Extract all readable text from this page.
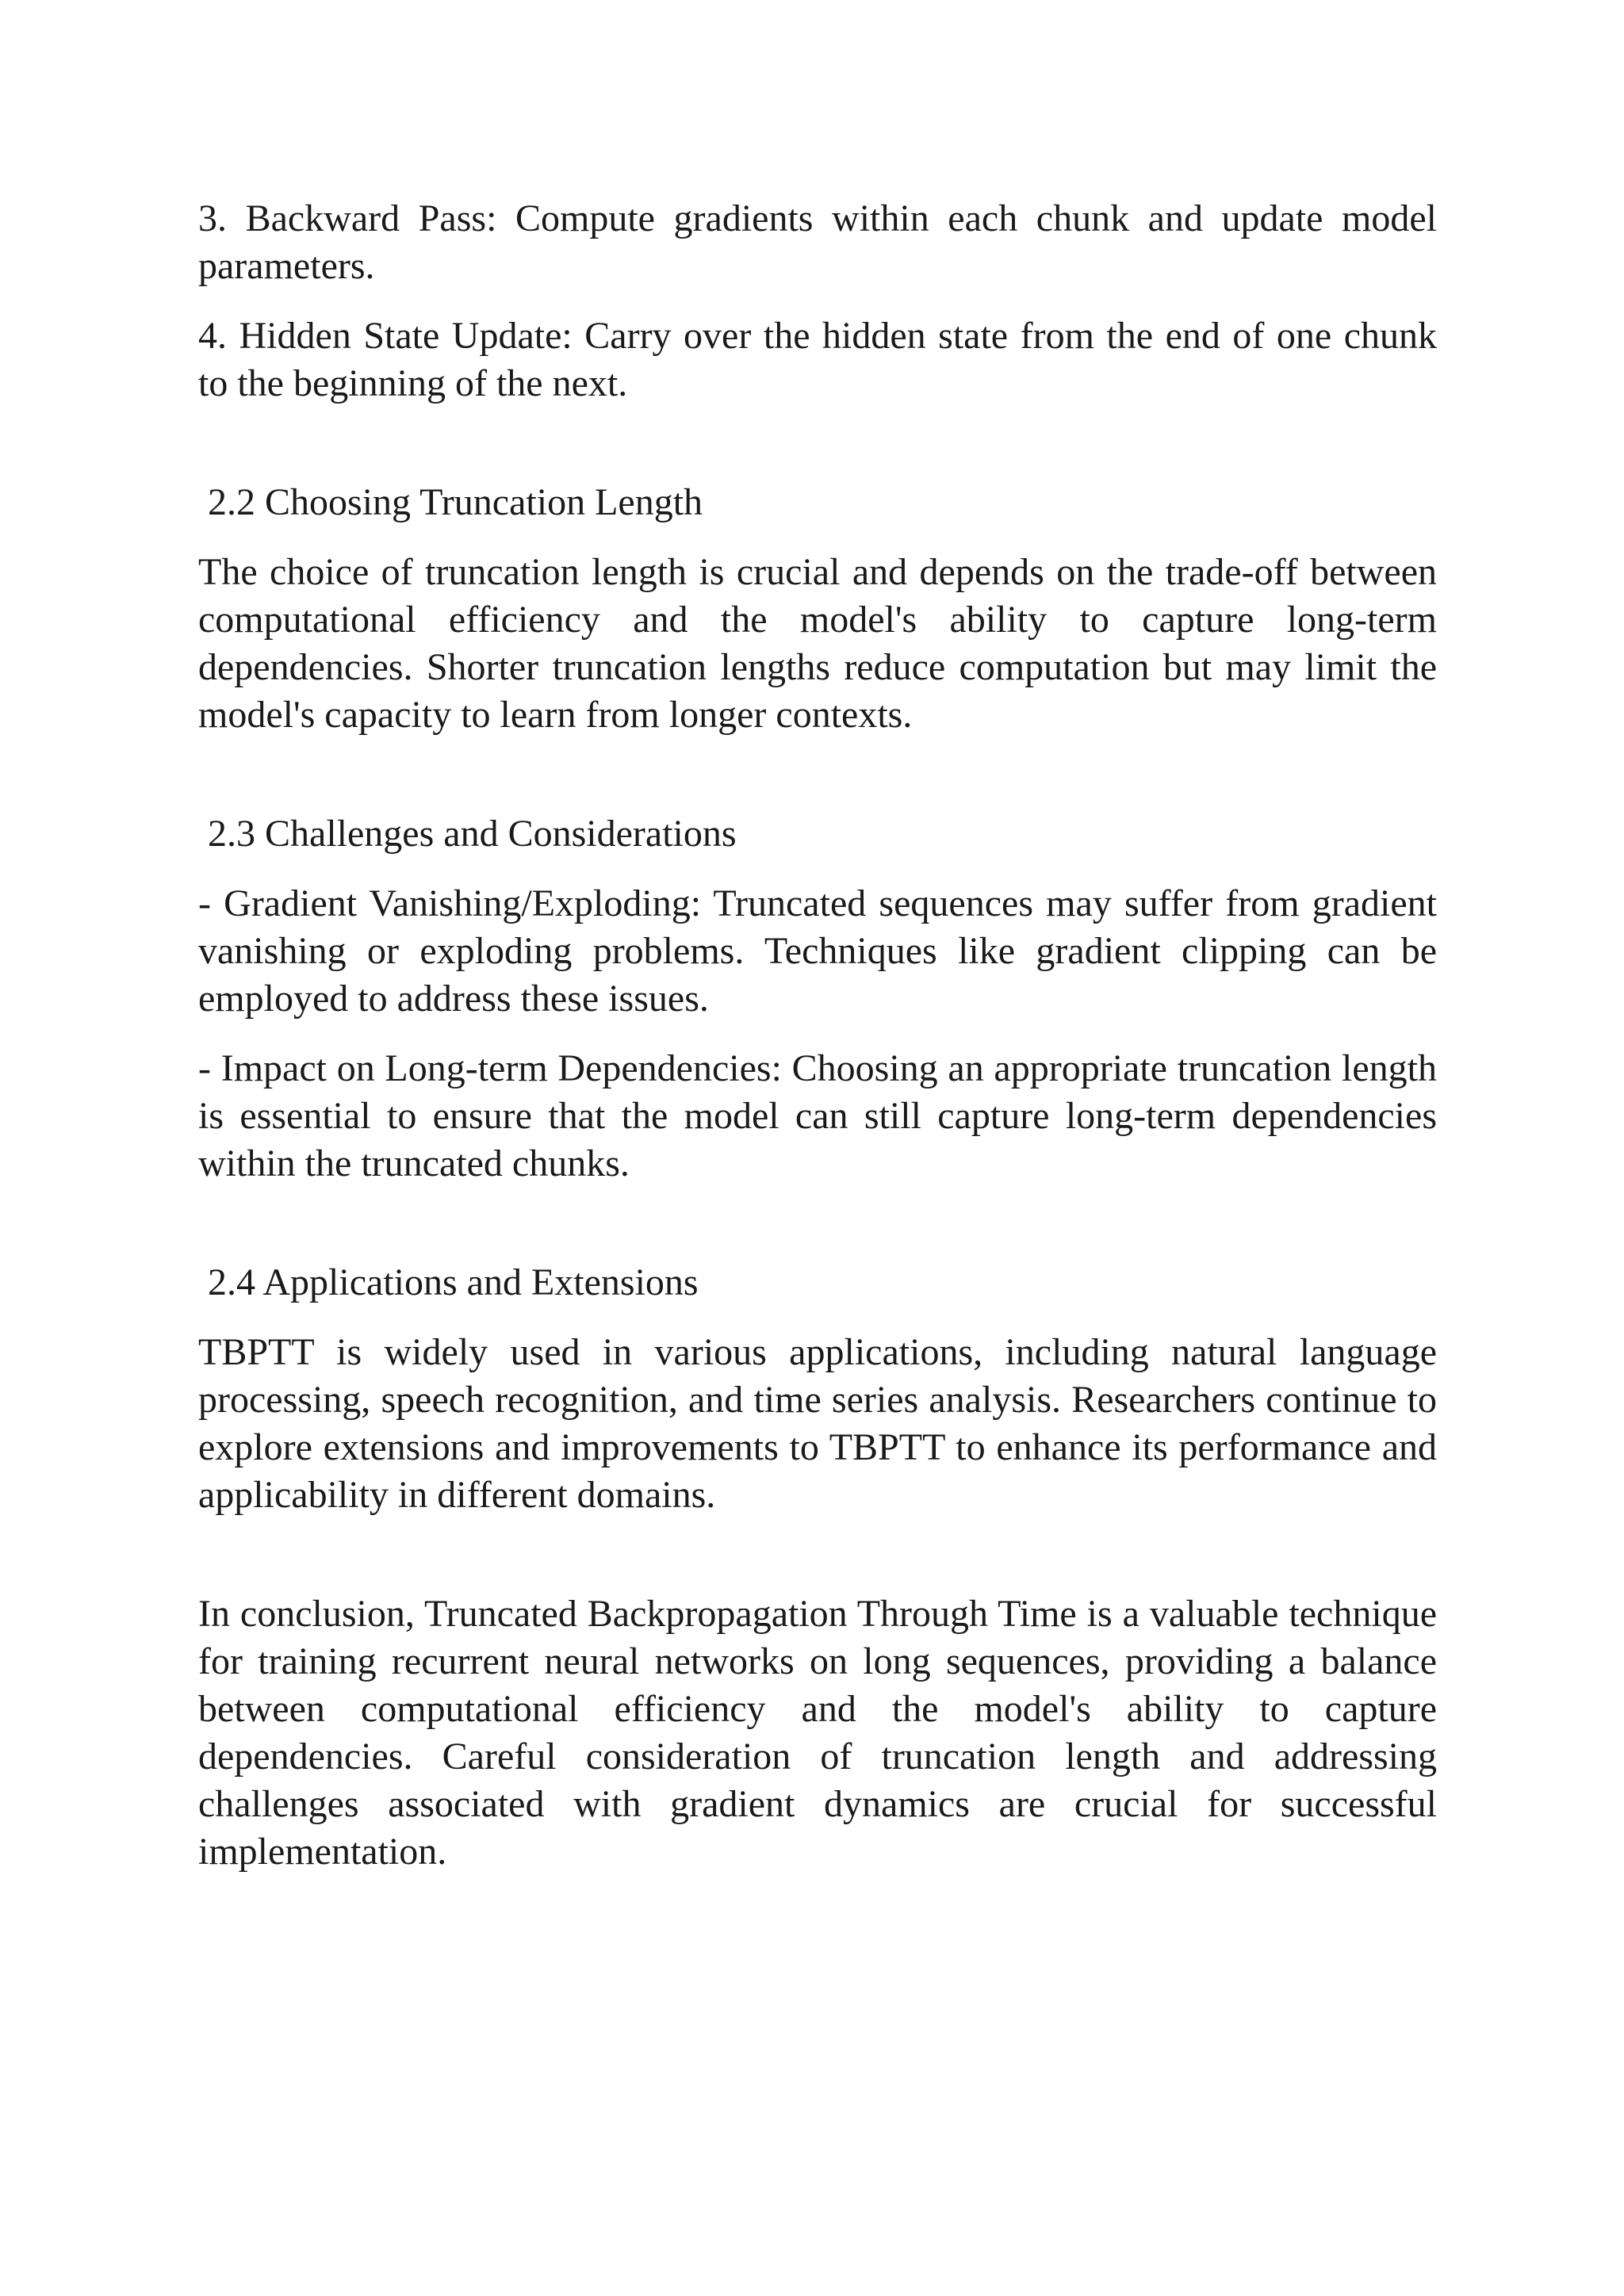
3. Backward Pass: Compute gradients within each chunk and update model parameters.

4. Hidden State Update: Carry over the hidden state from the end of one chunk to the beginning of the next.

2.2 Choosing Truncation Length

The choice of truncation length is crucial and depends on the trade-off between computational efficiency and the model's ability to capture long-term dependencies. Shorter truncation lengths reduce computation but may limit the model's capacity to learn from longer contexts.

2.3 Challenges and Considerations

- Gradient Vanishing/Exploding: Truncated sequences may suffer from gradient vanishing or exploding problems. Techniques like gradient clipping can be employed to address these issues.

- Impact on Long-term Dependencies: Choosing an appropriate truncation length is essential to ensure that the model can still capture long-term dependencies within the truncated chunks.

2.4 Applications and Extensions

TBPTT is widely used in various applications, including natural language processing, speech recognition, and time series analysis. Researchers continue to explore extensions and improvements to TBPTT to enhance its performance and applicability in different domains.

In conclusion, Truncated Backpropagation Through Time is a valuable technique for training recurrent neural networks on long sequences, providing a balance between computational efficiency and the model's ability to capture dependencies. Careful consideration of truncation length and addressing challenges associated with gradient dynamics are crucial for successful implementation.
